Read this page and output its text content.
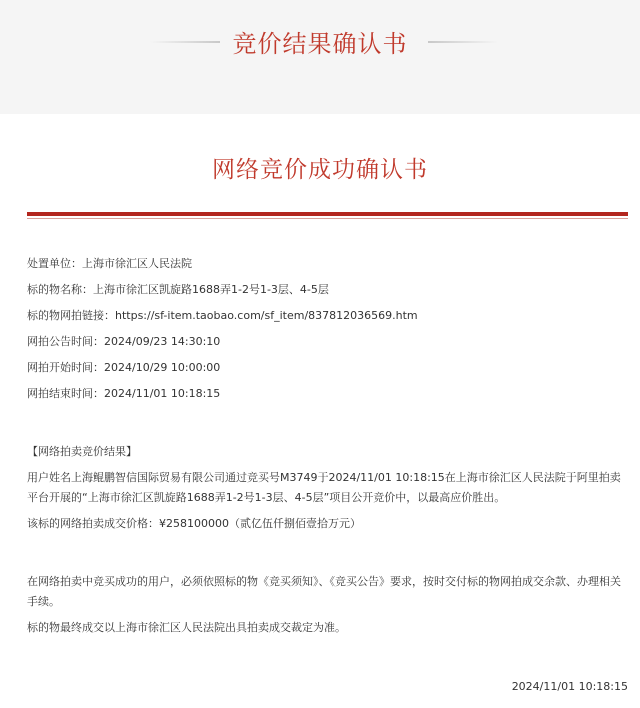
竞价结果确认书
网络竞价成功确认书
处置单位：上海市徐汇区人民法院
标的物名称：上海市徐汇区凯旋路1688弄1-2号1-3层、4-5层
标的物网拍链接：https://sf-item.taobao.com/sf_item/837812036569.htm
网拍公告时间：2024/09/23 14:30:10
网拍开始时间：2024/10/29 10:00:00
网拍结束时间：2024/11/01 10:18:15
【网络拍卖竞价结果】
用户姓名上海鲲鹏智信国际贸易有限公司通过竞买号M3749于2024/11/01 10:18:15在上海市徐汇区人民法院于阿里拍卖平台开展的“上海市徐汇区凯旋路1688弄1-2号1-3层、4-5层”项目公开竞价中，以最高应价胜出。
该标的网络拍卖成交价格：¥258100000（贰亿伍仟捌佰壹拾万元）
在网络拍卖中竞买成功的用户，必须依照标的物《竞买须知》、《竞买公告》要求，按时交付标的物网拍成交余款、办理相关手续。
标的物最终成交以上海市徐汇区人民法院出具拍卖成交裁定为准。
2024/11/01 10:18:15
